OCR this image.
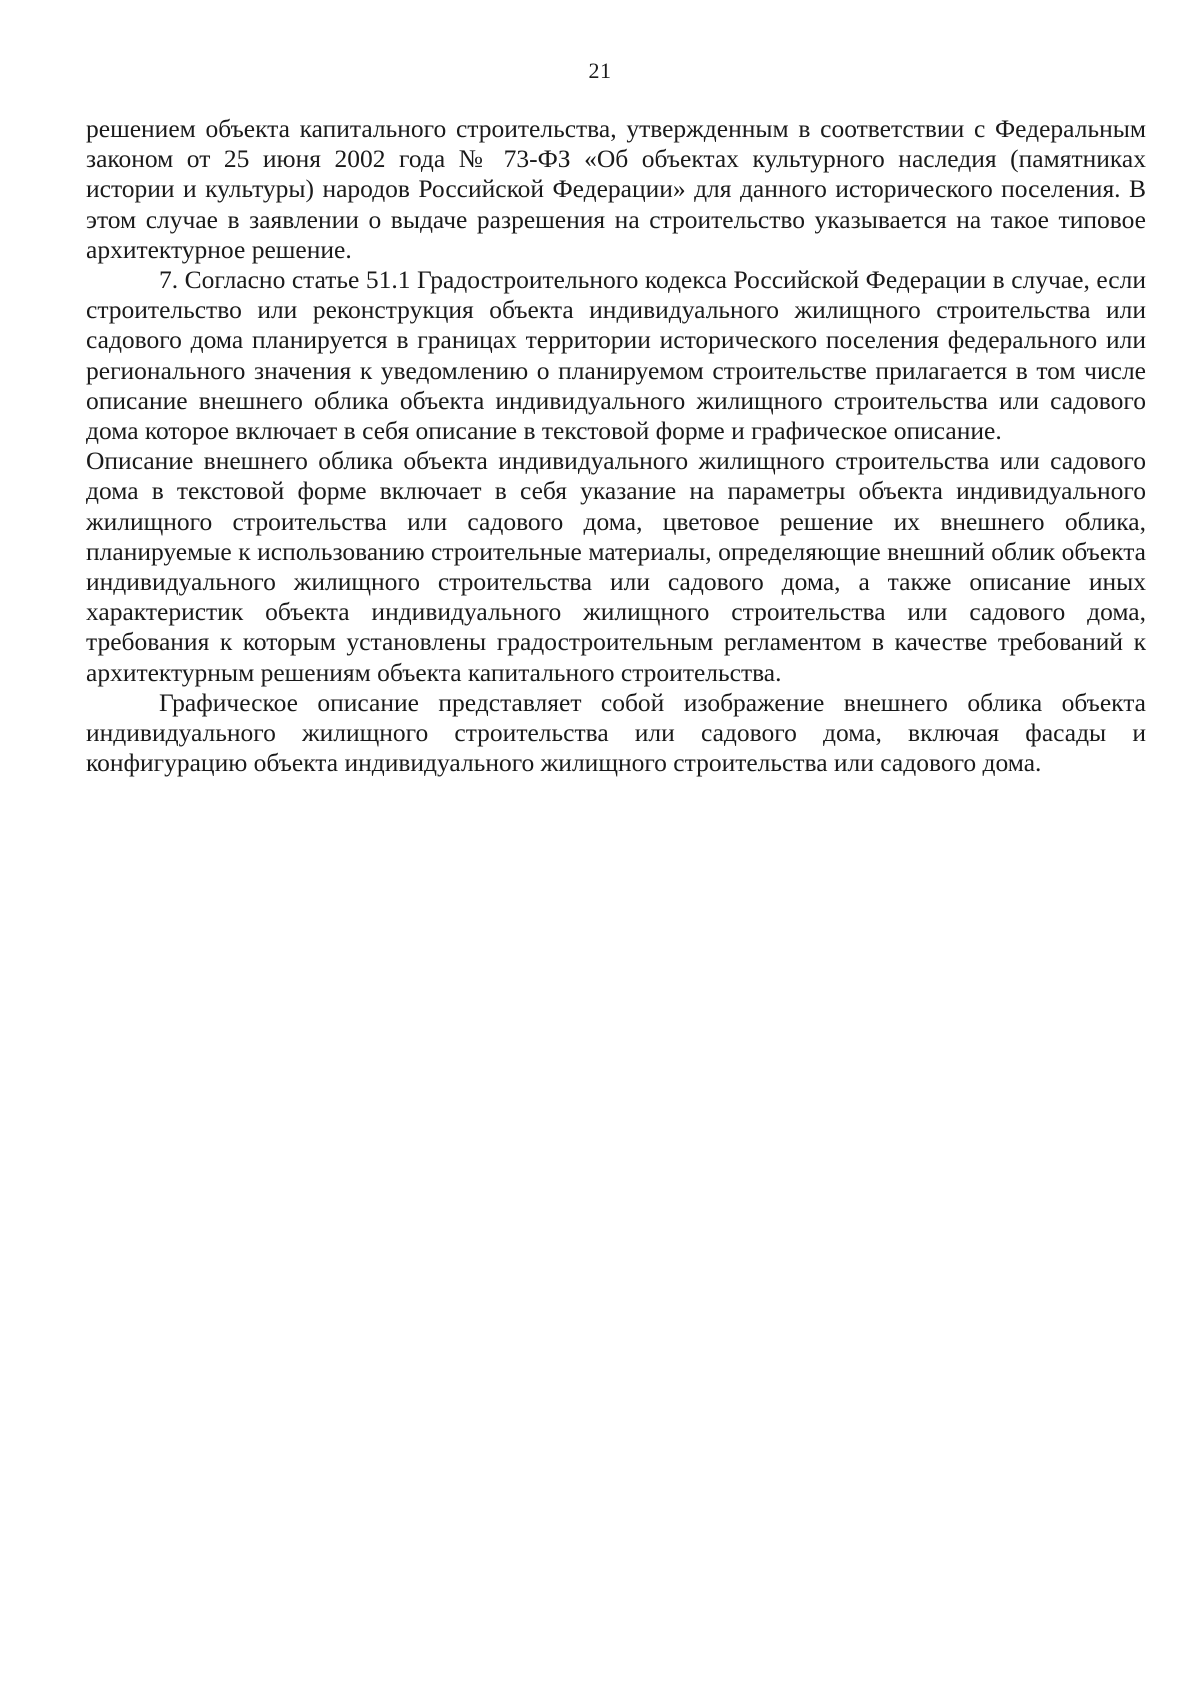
21

решением объекта капитального строительства, утвержденным в соответствии с Федеральным законом от 25 июня 2002 года № 73-ФЗ «Об объектах культурного наследия (памятниках истории и культуры) народов Российской Федерации» для данного исторического поселения. В этом случае в заявлении о выдаче разрешения на строительство указывается на такое типовое архитектурное решение.

7. Согласно статье 51.1 Градостроительного кодекса Российской Федерации в случае, если строительство или реконструкция объекта индивидуального жилищного строительства или садового дома планируется в границах территории исторического поселения федерального или регионального значения к уведомлению о планируемом строительстве прилагается в том числе описание внешнего облика объекта индивидуального жилищного строительства или садового дома которое включает в себя описание в текстовой форме и графическое описание.

Описание внешнего облика объекта индивидуального жилищного строительства или садового дома в текстовой форме включает в себя указание на параметры объекта индивидуального жилищного строительства или садового дома, цветовое решение их внешнего облика, планируемые к использованию строительные материалы, определяющие внешний облик объекта индивидуального жилищного строительства или садового дома, а также описание иных характеристик объекта индивидуального жилищного строительства или садового дома, требования к которым установлены градостроительным регламентом в качестве требований к архитектурным решениям объекта капитального строительства.

Графическое описание представляет собой изображение внешнего облика объекта индивидуального жилищного строительства или садового дома, включая фасады и конфигурацию объекта индивидуального жилищного строительства или садового дома.
